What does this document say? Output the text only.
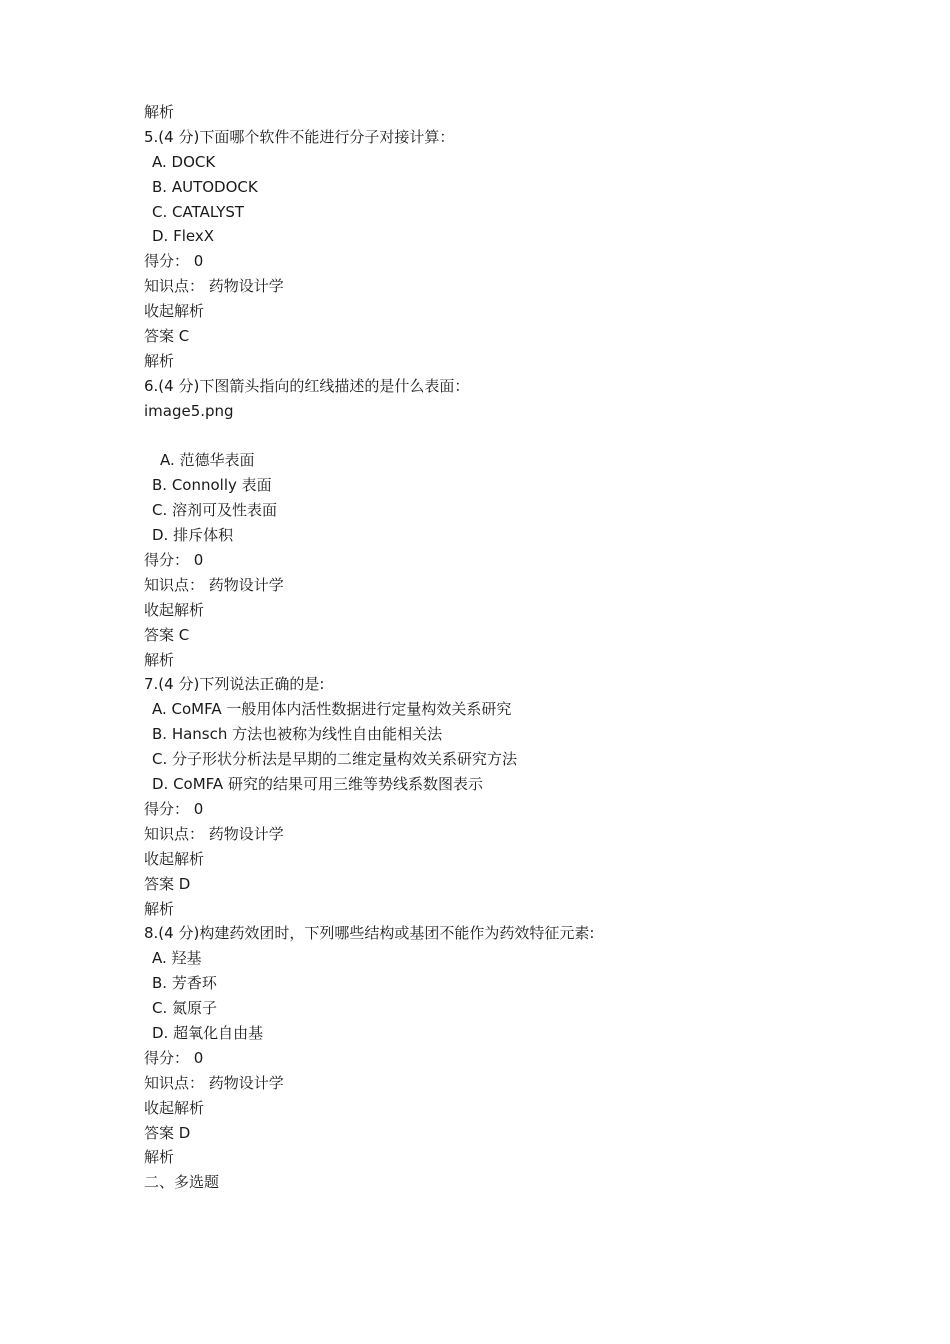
解析
5.(4 分)下面哪个软件不能进行分子对接计算：
A. DOCK
B. AUTODOCK
C. CATALYST
D. FlexX
得分： 0
知识点： 药物设计学
收起解析
答案 C
解析
6.(4 分)下图箭头指向的红线描述的是什么表面：
image5.png
A. 范德华表面
B. Connolly 表面
C. 溶剂可及性表面
D. 排斥体积
得分： 0
知识点： 药物设计学
收起解析
答案 C
解析
7.(4 分)下列说法正确的是:
A. CoMFA 一般用体内活性数据进行定量构效关系研究
B. Hansch 方法也被称为线性自由能相关法
C. 分子形状分析法是早期的二维定量构效关系研究方法
D. CoMFA 研究的结果可用三维等势线系数图表示
得分： 0
知识点： 药物设计学
收起解析
答案 D
解析
8.(4 分)构建药效团时，下列哪些结构或基团不能作为药效特征元素:
A. 羟基
B. 芳香环
C. 氮原子
D. 超氧化自由基
得分： 0
知识点： 药物设计学
收起解析
答案 D
解析
二、多选题
